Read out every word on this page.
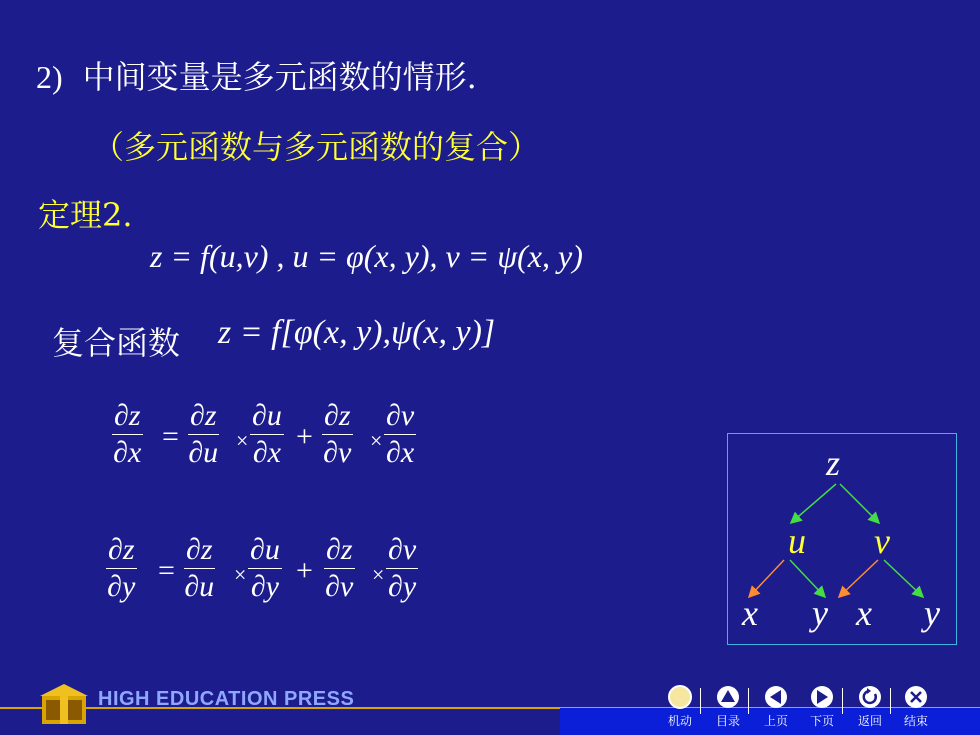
2) 中间变量是多元函数的情形.
（多元函数与多元函数的复合）
定理2.
z = f(u,v) , u = φ(x, y), v = ψ(x, y)
复合函数 z = f[φ(x, y),ψ(x, y)]
$\frac{\partial z}{\partial x} = \frac{\partial z}{\partial u} \times \frac{\partial u}{\partial x} + \frac{\partial z}{\partial v} \times \frac{\partial v}{\partial x}$
$\frac{\partial z}{\partial y} = \frac{\partial z}{\partial u} \times \frac{\partial u}{\partial y} + \frac{\partial z}{\partial v} \times \frac{\partial v}{\partial y}$
z
u v
x y x y
HIGH EDUCATION PRESS
机动	目录	上页	下页	返回	结束
